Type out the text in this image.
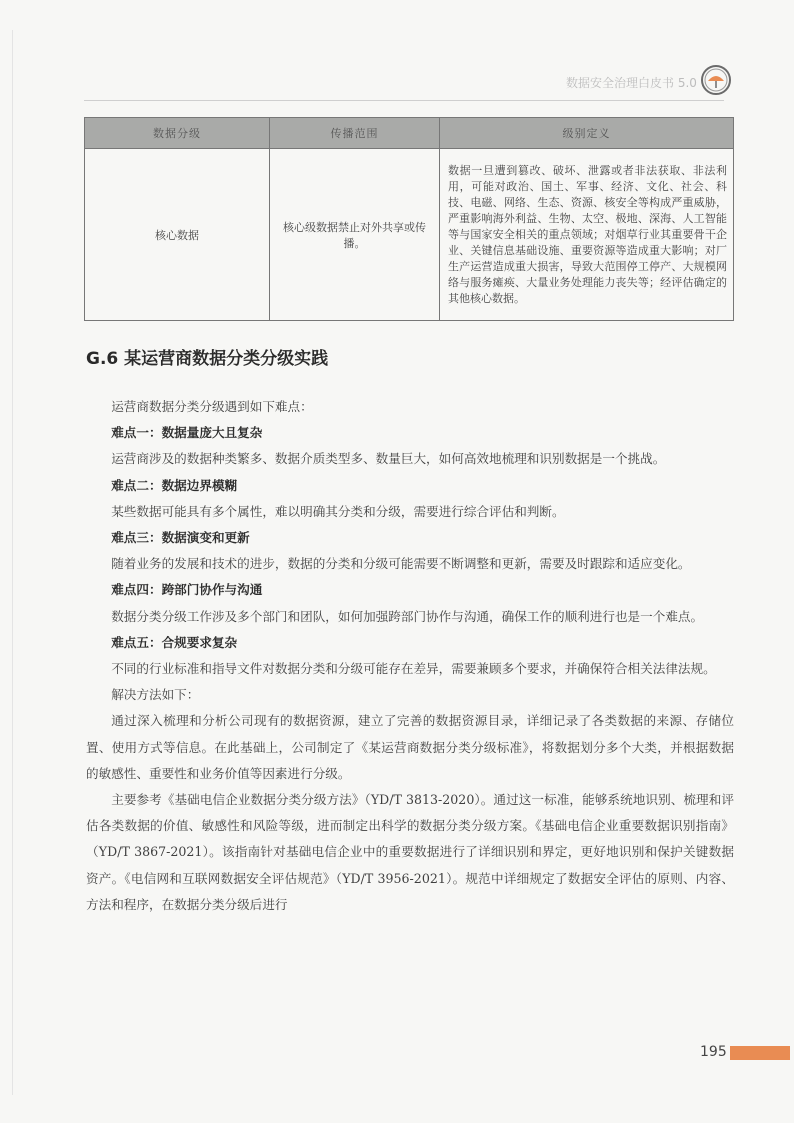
数据安全治理白皮书 5.0
数据分级	传播范围	级别定义
核心数据	核心级数据禁止对外共享或传播。	数据一旦遭到篡改、破坏、泄露或者非法获取、非法利用，可能对政治、国土、军事、经济、文化、社会、科技、电磁、网络、生态、资源、核安全等构成严重威胁，严重影响海外利益、生物、太空、极地、深海、人工智能等与国家安全相关的重点领域；对烟草行业其重要骨干企业、关键信息基础设施、重要资源等造成重大影响；对厂生产运营造成重大损害，导致大范围停工停产、大规模网络与服务瘫痪、大量业务处理能力丧失等；经评估确定的其他核心数据。
G.6 某运营商数据分类分级实践

运营商数据分类分级遇到如下难点：

难点一：数据量庞大且复杂

运营商涉及的数据种类繁多、数据介质类型多、数量巨大，如何高效地梳理和识别数据是一个挑战。

难点二：数据边界模糊

某些数据可能具有多个属性，难以明确其分类和分级，需要进行综合评估和判断。

难点三：数据演变和更新

随着业务的发展和技术的进步，数据的分类和分级可能需要不断调整和更新，需要及时跟踪和适应变化。

难点四：跨部门协作与沟通

数据分类分级工作涉及多个部门和团队，如何加强跨部门协作与沟通，确保工作的顺利进行也是一个难点。

难点五：合规要求复杂

不同的行业标准和指导文件对数据分类和分级可能存在差异，需要兼顾多个要求，并确保符合相关法律法规。

解决方法如下：

通过深入梳理和分析公司现有的数据资源，建立了完善的数据资源目录，详细记录了各类数据的来源、存储位置、使用方式等信息。在此基础上，公司制定了《某运营商数据分类分级标准》，将数据划分多个大类，并根据数据的敏感性、重要性和业务价值等因素进行分级。

主要参考《基础电信企业数据分类分级方法》（YD/T 3813-2020）。通过这一标准，能够系统地识别、梳理和评估各类数据的价值、敏感性和风险等级，进而制定出科学的数据分类分级方案。《基础电信企业重要数据识别指南》（YD/T 3867-2021）。该指南针对基础电信企业中的重要数据进行了详细识别和界定，更好地识别和保护关键数据资产。《电信网和互联网数据安全评估规范》（YD/T 3956-2021）。规范中详细规定了数据安全评估的原则、内容、方法和程序，在数据分类分级后进行

195
